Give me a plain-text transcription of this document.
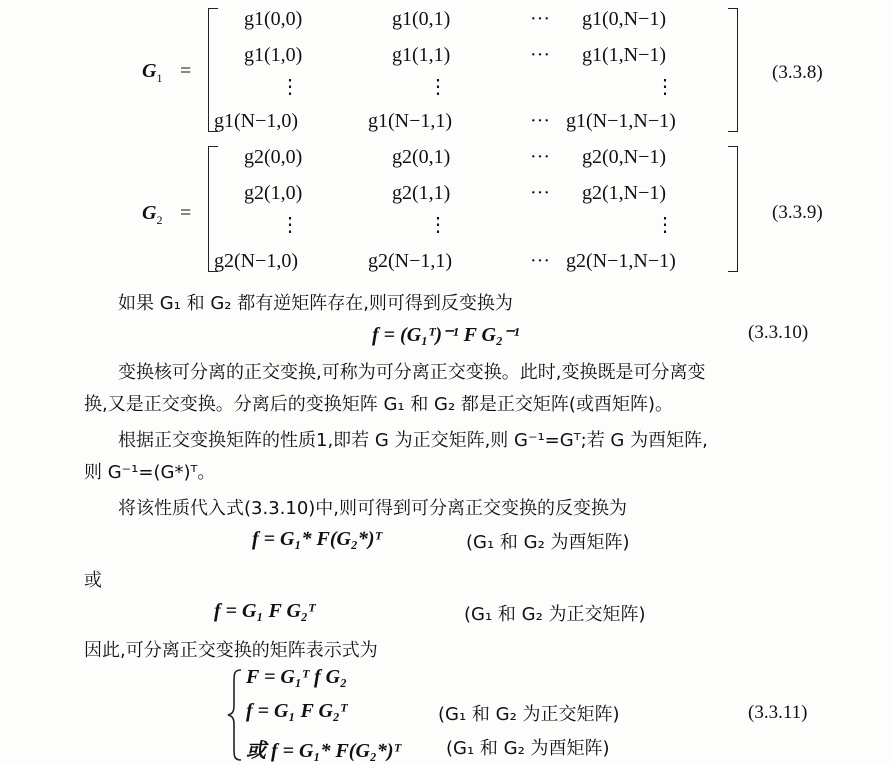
$G_1$ =
g1(0,0)	g1(0,1)	··· g1(0,N−1)
g1(1,0)	g1(1,1)	··· g1(1,N−1)
⋮	⋮	⋮
g1(N−1,0)	g1(N−1,1)	··· g1(N−1,N−1)
(3.3.8)
$G_2$ =
g2(0,0)	g2(0,1)	··· g2(0,N−1)
g2(1,0)	g2(1,1)	··· g2(1,N−1)
⋮	⋮	⋮
g2(N−1,0)	g2(N−1,1)	··· g2(N−1,N−1)
(3.3.9)
如果 G₁ 和 G₂ 都有逆矩阵存在,则可得到反变换为
f = (G₁ᵀ)⁻¹ F G₂⁻¹	(3.3.10)
变换核可分离的正交变换,可称为可分离正交变换。此时,变换既是可分离变
换,又是正交变换。分离后的变换矩阵 G₁ 和 G₂ 都是正交矩阵(或酉矩阵)。
根据正交变换矩阵的性质1,即若 G 为正交矩阵,则 G⁻¹=Gᵀ;若 G 为酉矩阵,
则 G⁻¹=(G*)ᵀ。
将该性质代入式(3.3.10)中,则可得到可分离正交变换的反变换为
f = G₁* F(G₂*)ᵀ	(G₁ 和 G₂ 为酉矩阵)
或
f = G₁ F G₂ᵀ	(G₁ 和 G₂ 为正交矩阵)
因此,可分离正交变换的矩阵表示式为
F = G₁ᵀ f G₂
f = G₁ F G₂ᵀ	(G₁ 和 G₂ 为正交矩阵)
或 f = G₁* F(G₂*)ᵀ	(G₁ 和 G₂ 为酉矩阵)
(3.3.11)
